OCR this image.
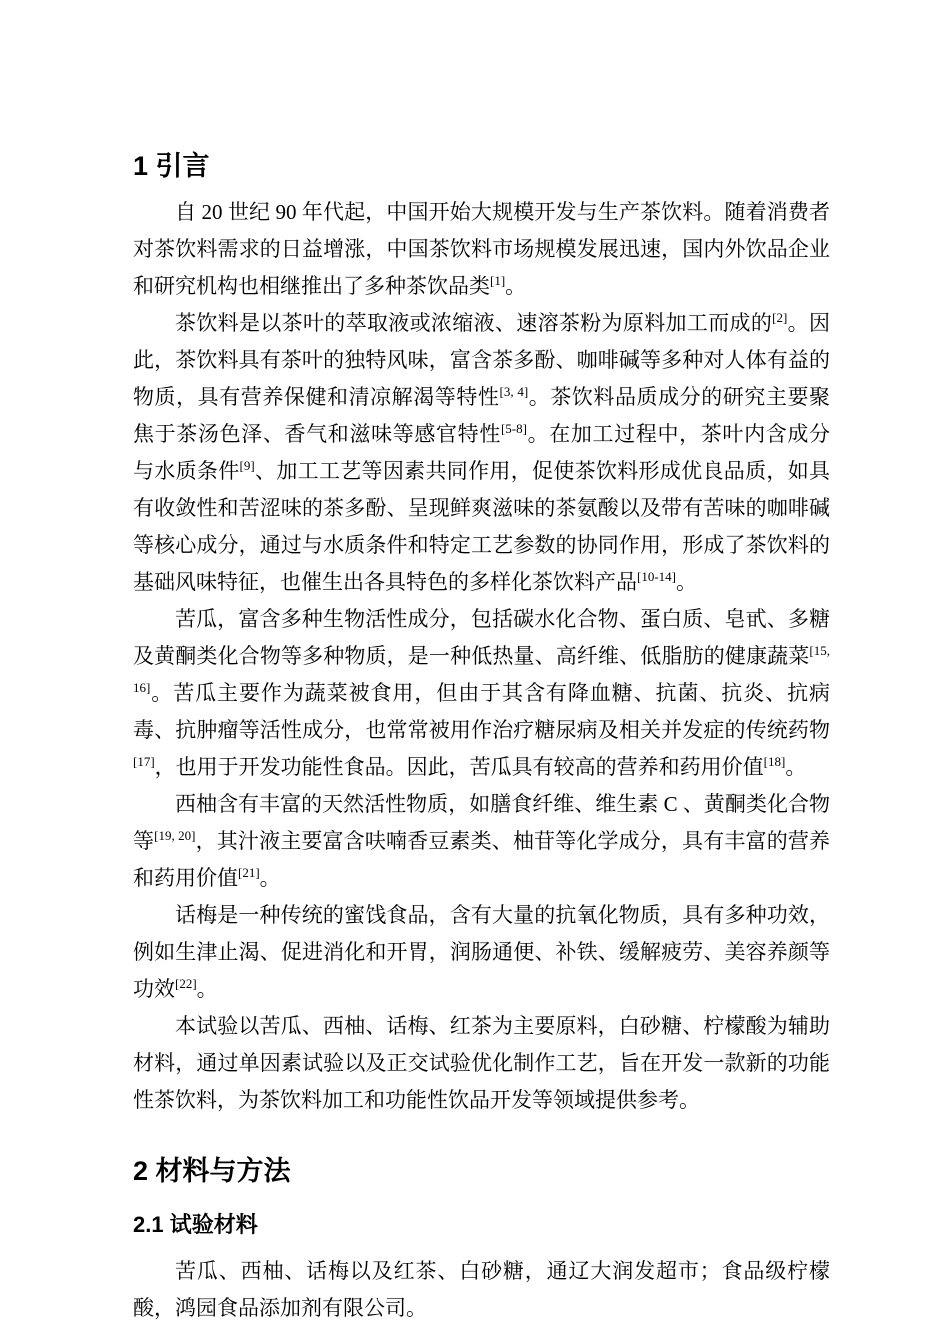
1 引言

自 20 世纪 90 年代起，中国开始大规模开发与生产茶饮料。随着消费者对茶饮料需求的日益增涨，中国茶饮料市场规模发展迅速，国内外饮品企业和研究机构也相继推出了多种茶饮品类[1]。

茶饮料是以茶叶的萃取液或浓缩液、速溶茶粉为原料加工而成的[2]。因此，茶饮料具有茶叶的独特风味，富含茶多酚、咖啡碱等多种对人体有益的物质，具有营养保健和清凉解渴等特性[3, 4]。茶饮料品质成分的研究主要聚焦于茶汤色泽、香气和滋味等感官特性[5-8]。在加工过程中，茶叶内含成分与水质条件[9]、加工工艺等因素共同作用，促使茶饮料形成优良品质，如具有收敛性和苦涩味的茶多酚、呈现鲜爽滋味的茶氨酸以及带有苦味的咖啡碱等核心成分，通过与水质条件和特定工艺参数的协同作用，形成了茶饮料的基础风味特征，也催生出各具特色的多样化茶饮料产品[10-14]。

苦瓜，富含多种生物活性成分，包括碳水化合物、蛋白质、皂甙、多糖及黄酮类化合物等多种物质，是一种低热量、高纤维、低脂肪的健康蔬菜[15, 16]。苦瓜主要作为蔬菜被食用，但由于其含有降血糖、抗菌、抗炎、抗病毒、抗肿瘤等活性成分，也常常被用作治疗糖尿病及相关并发症的传统药物[17]，也用于开发功能性食品。因此，苦瓜具有较高的营养和药用价值[18]。

西柚含有丰富的天然活性物质，如膳食纤维、维生素 C 、黄酮类化合物等[19, 20]，其汁液主要富含呋喃香豆素类、柚苷等化学成分，具有丰富的营养和药用价值[21]。

话梅是一种传统的蜜饯食品，含有大量的抗氧化物质，具有多种功效，例如生津止渴、促进消化和开胃，润肠通便、补铁、缓解疲劳、美容养颜等功效[22]。

本试验以苦瓜、西柚、话梅、红茶为主要原料，白砂糖、柠檬酸为辅助材料，通过单因素试验以及正交试验优化制作工艺，旨在开发一款新的功能性茶饮料，为茶饮料加工和功能性饮品开发等领域提供参考。

2 材料与方法
2.1 试验材料

苦瓜、西柚、话梅以及红茶、白砂糖，通辽大润发超市；食品级柠檬酸，鸿园食品添加剂有限公司。
